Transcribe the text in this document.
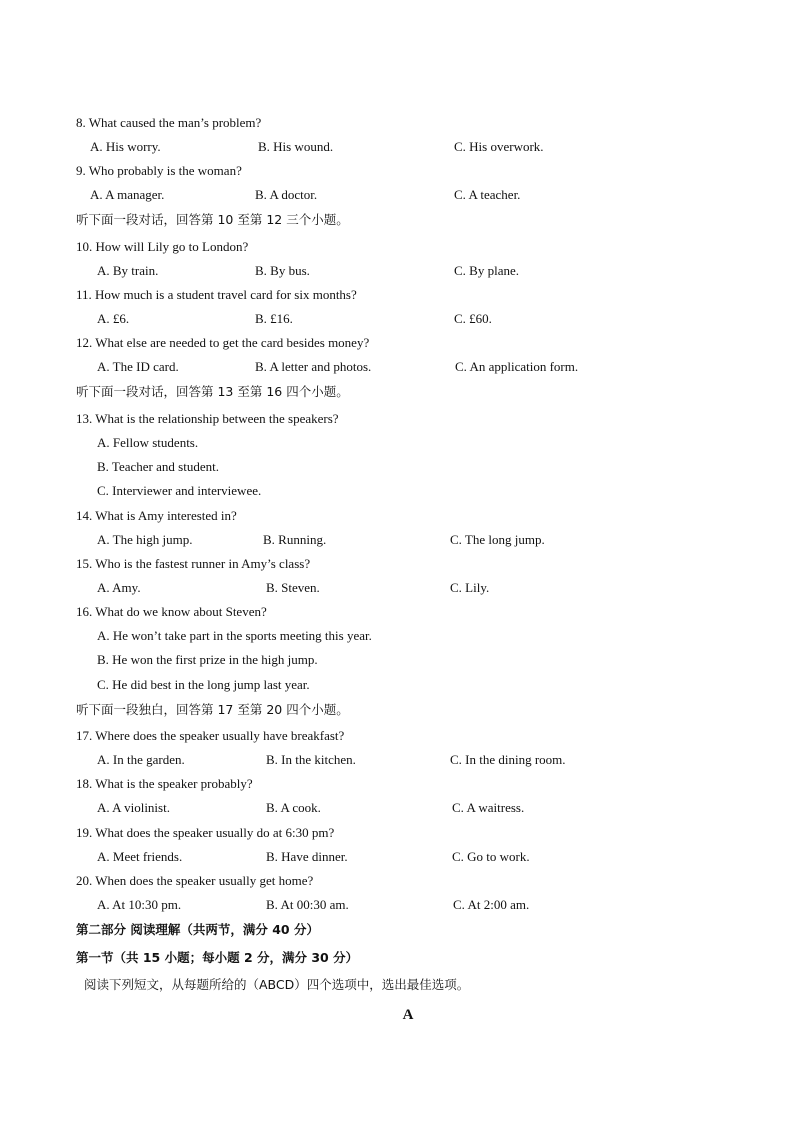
8. What caused the man’s problem?
A. His worry.	B. His wound.	C. His overwork.
9. Who probably is the woman?
A. A manager.	B. A doctor.	C. A teacher.
听下面一段对话，回答第 10 至第 12 三个小题。
10. How will Lily go to London?
A. By train.	B. By bus.	C. By plane.
11. How much is a student travel card for six months?
A. £6.	B. £16.	C. £60.
12. What else are needed to get the card besides money?
A. The ID card.	B. A letter and photos.	C. An application form.
听下面一段对话，回答第 13 至第 16 四个小题。
13. What is the relationship between the speakers?
A. Fellow students.
B. Teacher and student.
C. Interviewer and interviewee.
14. What is Amy interested in?
A. The high jump.	B. Running.	C. The long jump.
15. Who is the fastest runner in Amy’s class?
A. Amy.	B. Steven.	C. Lily.
16. What do we know about Steven?
A. He won’t take part in the sports meeting this year.
B. He won the first prize in the high jump.
C. He did best in the long jump last year.
听下面一段独白，回答第 17 至第 20 四个小题。
17. Where does the speaker usually have breakfast?
A. In the garden.	B. In the kitchen.	C. In the dining room.
18. What is the speaker probably?
A. A violinist.	B. A cook.	C. A waitress.
19. What does the speaker usually do at 6:30 pm?
A. Meet friends.	B. Have dinner.	C. Go to work.
20. When does the speaker usually get home?
A. At 10:30 pm.	B. At 00:30 am.	C. At 2:00 am.
第二部分 阅读理解（共两节，满分 40 分）
第一节（共 15 小题；每小题 2 分，满分 30 分）
阅读下列短文，从每题所给的（ABCD）四个选项中，选出最佳选项。
A
